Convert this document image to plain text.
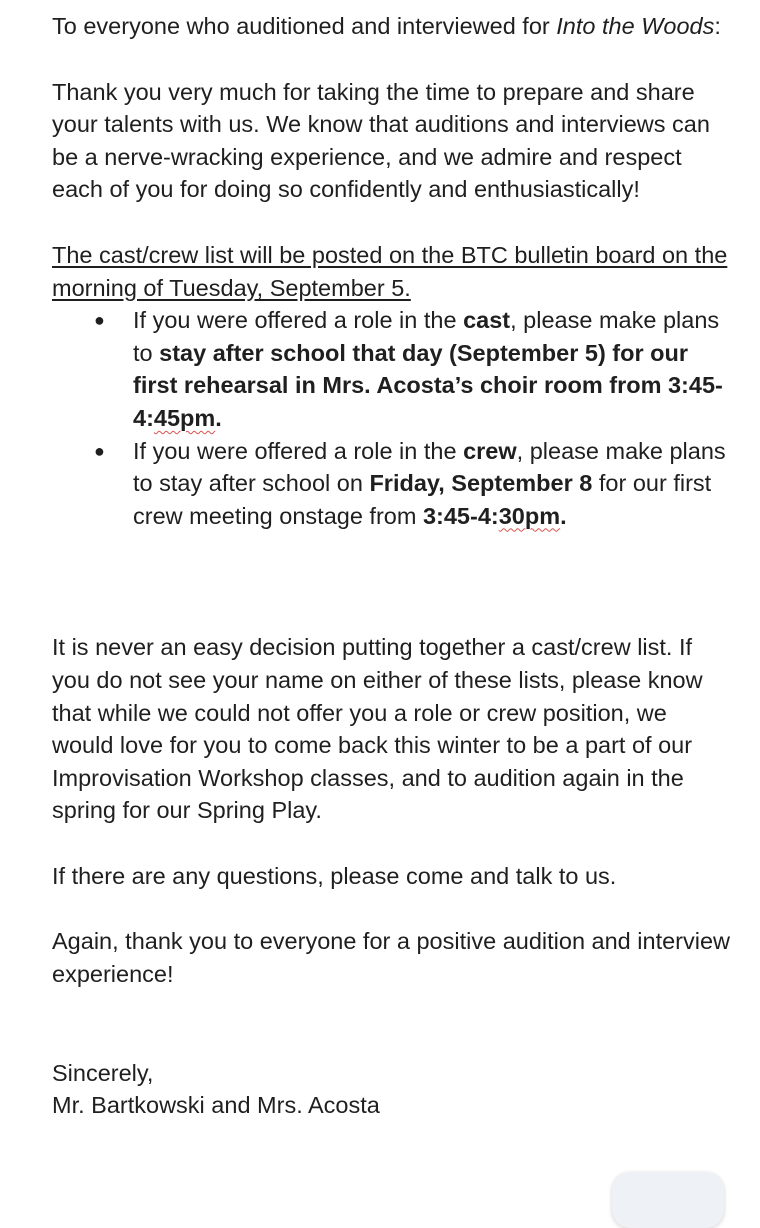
To everyone who auditioned and interviewed for Into the Woods:

Thank you very much for taking the time to prepare and share your talents with us. We know that auditions and interviews can be a nerve-wracking experience, and we admire and respect each of you for doing so confidently and enthusiastically!

The cast/crew list will be posted on the BTC bulletin board on the morning of Tuesday, September 5.

● If you were offered a role in the cast, please make plans to stay after school that day (September 5) for our first rehearsal in Mrs. Acosta’s choir room from 3:45-4:45pm.
● If you were offered a role in the crew, please make plans to stay after school on Friday, September 8 for our first crew meeting onstage from 3:45-4:30pm.

It is never an easy decision putting together a cast/crew list. If you do not see your name on either of these lists, please know that while we could not offer you a role or crew position, we would love for you to come back this winter to be a part of our Improvisation Workshop classes, and to audition again in the spring for our Spring Play.

If there are any questions, please come and talk to us.

Again, thank you to everyone for a positive audition and interview experience!

Sincerely,

Mr. Bartkowski and Mrs. Acosta
